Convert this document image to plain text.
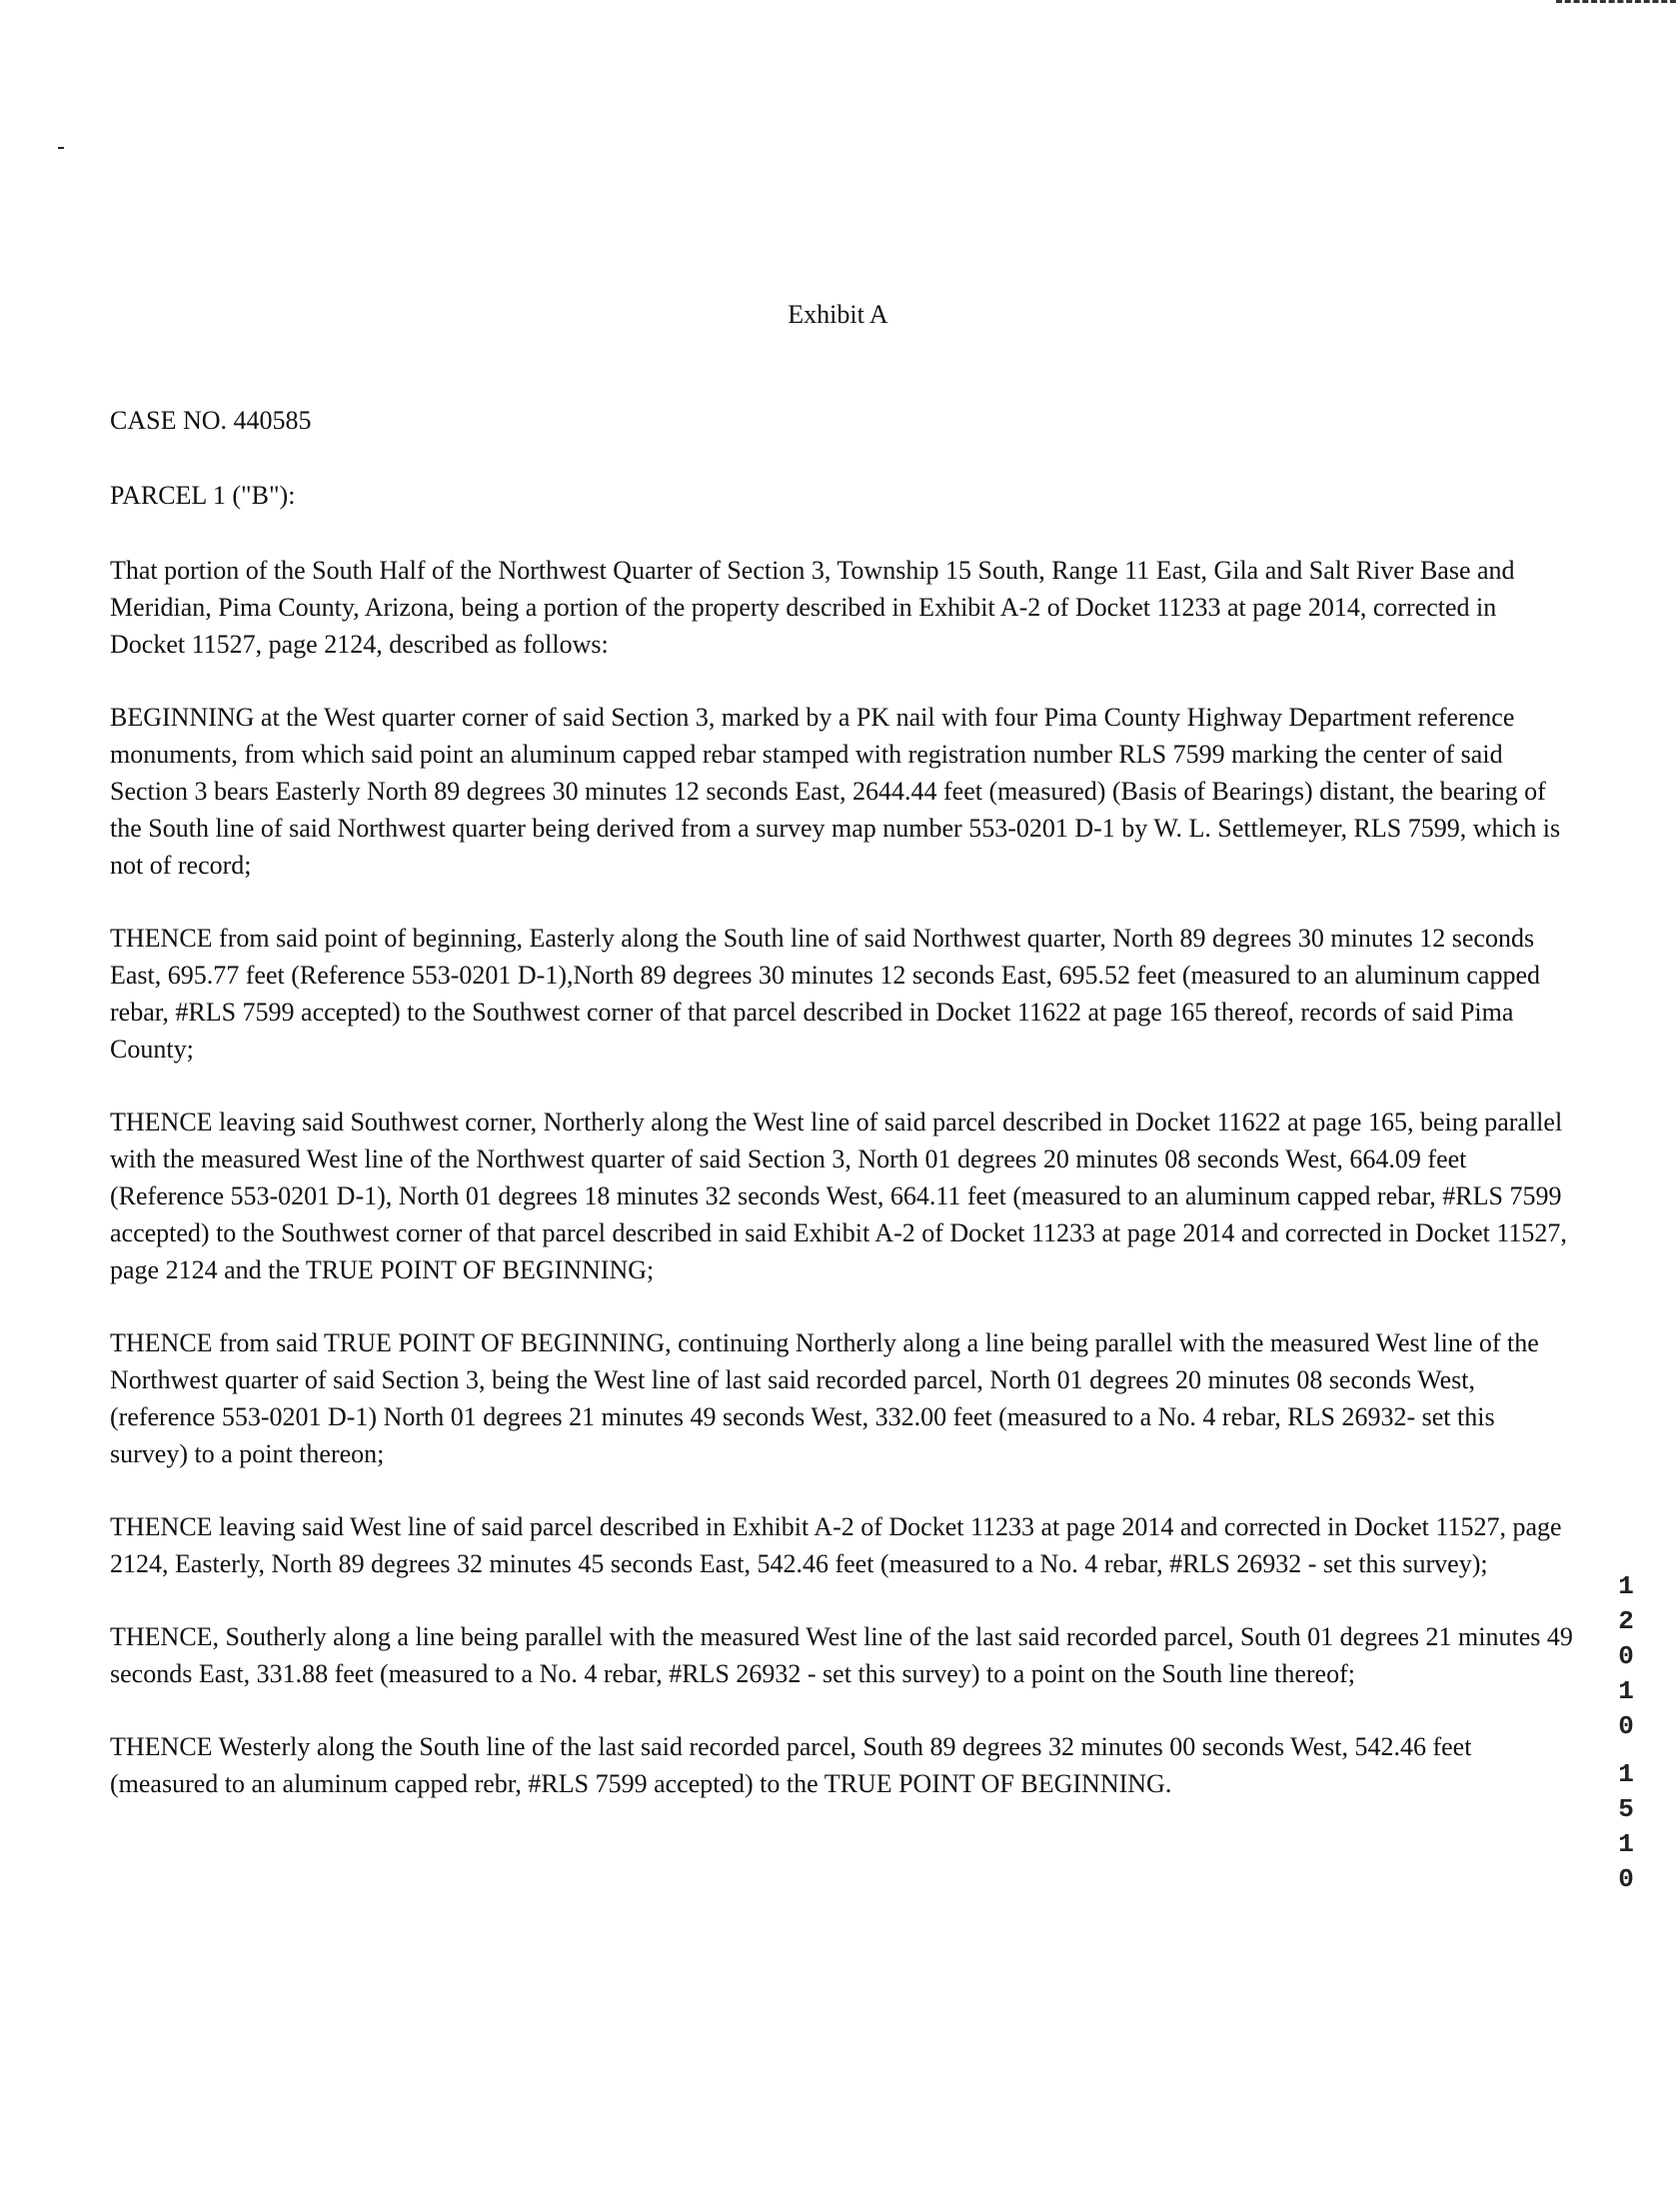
Exhibit A

CASE NO. 440585

PARCEL 1 ("B"):

That portion of the South Half of the Northwest Quarter of Section 3, Township 15 South, Range 11 East, Gila and Salt River Base and Meridian, Pima County, Arizona, being a portion of the property described in Exhibit A-2 of Docket 11233 at page 2014, corrected in Docket 11527, page 2124, described as follows:

BEGINNING at the West quarter corner of said Section 3, marked by a PK nail with four Pima County Highway Department reference monuments, from which said point an aluminum capped rebar stamped with registration number RLS 7599 marking the center of said Section 3 bears Easterly North 89 degrees 30 minutes 12 seconds East, 2644.44 feet (measured) (Basis of Bearings) distant, the bearing of the South line of said Northwest quarter being derived from a survey map number 553-0201 D-1 by W. L. Settlemeyer, RLS 7599, which is not of record;

THENCE from said point of beginning, Easterly along the South line of said Northwest quarter, North 89 degrees 30 minutes 12 seconds East, 695.77 feet (Reference 553-0201 D-1),North 89 degrees 30 minutes 12 seconds East, 695.52 feet (measured to an aluminum capped rebar, #RLS 7599 accepted) to the Southwest corner of that parcel described in Docket 11622 at page 165 thereof, records of said Pima County;

THENCE leaving said Southwest corner, Northerly along the West line of said parcel described in Docket 11622 at page 165, being parallel with the measured West line of the Northwest quarter of said Section 3, North 01 degrees 20 minutes 08 seconds West, 664.09 feet (Reference 553-0201 D-1), North 01 degrees 18 minutes 32 seconds West, 664.11 feet (measured to an aluminum capped rebar, #RLS 7599 accepted) to the Southwest corner of that parcel described in said Exhibit A-2 of Docket 11233 at page 2014 and corrected in Docket 11527, page 2124 and the TRUE POINT OF BEGINNING;

THENCE from said TRUE POINT OF BEGINNING, continuing Northerly along a line being parallel with the measured West line of the Northwest quarter of said Section 3, being the West line of last said recorded parcel, North 01 degrees 20 minutes 08 seconds West, (reference 553-0201 D-1) North 01 degrees 21 minutes 49 seconds West, 332.00 feet (measured to a No. 4 rebar, RLS 26932- set this survey) to a point thereon;

THENCE leaving said West line of said parcel described in Exhibit A-2 of Docket 11233 at page 2014 and corrected in Docket 11527, page 2124, Easterly, North 89 degrees 32 minutes 45 seconds East, 542.46 feet (measured to a No. 4 rebar, #RLS 26932 - set this survey);

THENCE, Southerly along a line being parallel with the measured West line of the last said recorded parcel, South 01 degrees 21 minutes 49 seconds East, 331.88 feet (measured to a No. 4 rebar, #RLS 26932 - set this survey) to a point on the South line thereof;

THENCE Westerly along the South line of the last said recorded parcel, South 89 degrees 32 minutes 00 seconds West, 542.46 feet (measured to an aluminum capped rebr, #RLS 7599 accepted) to the TRUE POINT OF BEGINNING.

1
2
0
1
0
1
5
1
0
